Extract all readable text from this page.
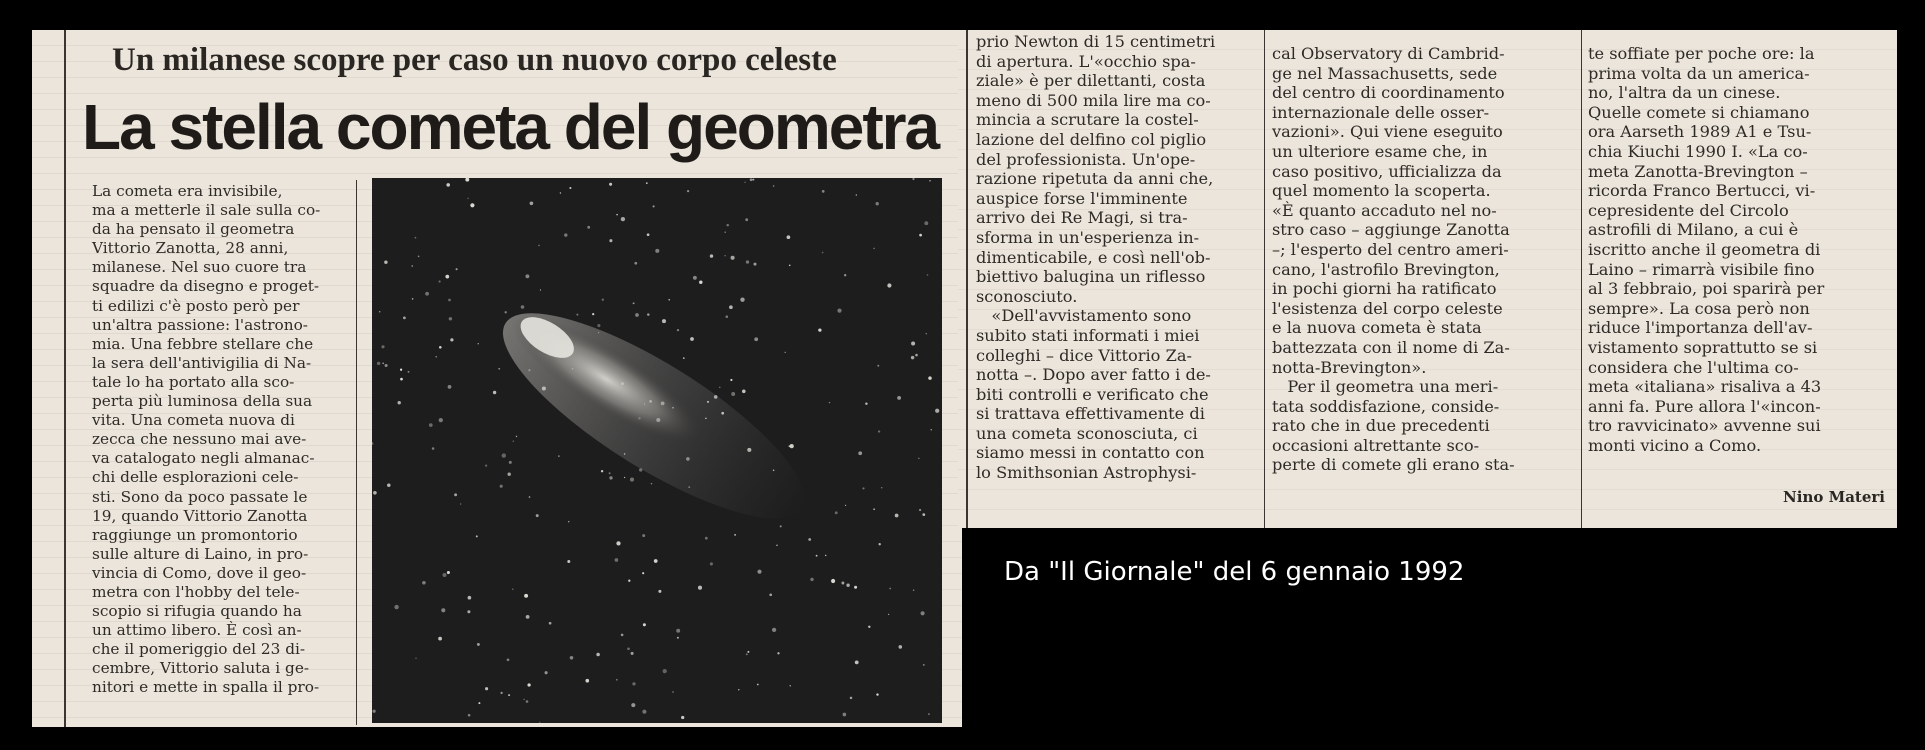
Un milanese scopre per caso un nuovo corpo celeste
La stella cometa del geometra
La cometa era invisibile,
ma a metterle il sale sulla co-
da ha pensato il geometra
Vittorio Zanotta, 28 anni,
milanese. Nel suo cuore tra
squadre da disegno e proget-
ti edilizi c'è posto però per
un'altra passione: l'astrono-
mia. Una febbre stellare che
la sera dell'antivigilia di Na-
tale lo ha portato alla sco-
perta più luminosa della sua
vita. Una cometa nuova di
zecca che nessuno mai ave-
va catalogato negli almanac-
chi delle esplorazioni cele-
sti. Sono da poco passate le
19, quando Vittorio Zanotta
raggiunge un promontorio
sulle alture di Laino, in pro-
vincia di Como, dove il geo-
metra con l'hobby del tele-
scopio si rifugia quando ha
un attimo libero. È così an-
che il pomeriggio del 23 di-
cembre, Vittorio saluta i ge-
nitori e mette in spalla il pro-
prio Newton di 15 centimetri
di apertura. L'«occhio spa-
ziale» è per dilettanti, costa
meno di 500 mila lire ma co-
mincia a scrutare la costel-
lazione del delfino col piglio
del professionista. Un'ope-
razione ripetuta da anni che,
auspice forse l'imminente
arrivo dei Re Magi, si tra-
sforma in un'esperienza in-
dimenticabile, e così nell'ob-
biettivo baluginа un riflesso
sconosciuto.
«Dell'avvistamento sono
subito stati informati i miei
colleghi – dice Vittorio Za-
notta –. Dopo aver fatto i de-
biti controlli e verificato che
si trattava effettivamente di
una cometa sconosciuta, ci
siamo messi in contatto con
lo Smithsonian Astrophysi-
cal Observatory di Cambrid-
ge nel Massachusetts, sede
del centro di coordinamento
internazionale delle osser-
vazioni». Qui viene eseguito
un ulteriore esame che, in
caso positivo, ufficializza da
quel momento la scoperta.
«È quanto accaduto nel no-
stro caso – aggiunge Zanotta
–; l'esperto del centro ameri-
cano, l'astrofilo Brevington,
in pochi giorni ha ratificato
l'esistenza del corpo celeste
e la nuova cometa è stata
battezzata con il nome di Za-
notta-Brevington».
Per il geometra una meri-
tata soddisfazione, conside-
rato che in due precedenti
occasioni altrettante sco-
perte di comete gli erano sta-
te soffiate per poche ore: la
prima volta da un america-
no, l'altra da un cinese.
Quelle comete si chiamano
ora Aarseth 1989 A1 e Tsu-
chia Kiuchi 1990 I. «La co-
meta Zanotta-Brevington –
ricorda Franco Bertucci, vi-
cepresidente del Circolo
astrofili di Milano, a cui è
iscritto anche il geometra di
Laino – rimarrà visibile fino
al 3 febbraio, poi sparirà per
sempre». La cosa però non
riduce l'importanza dell'av-
vistamento soprattutto se si
considera che l'ultima co-
meta «italiana» risaliva a 43
anni fa. Pure allora l'«incon-
tro ravvicinato» avvenne sui
monti vicino a Como.
Nino Materi
Da "Il Giornale" del 6 gennaio 1992
